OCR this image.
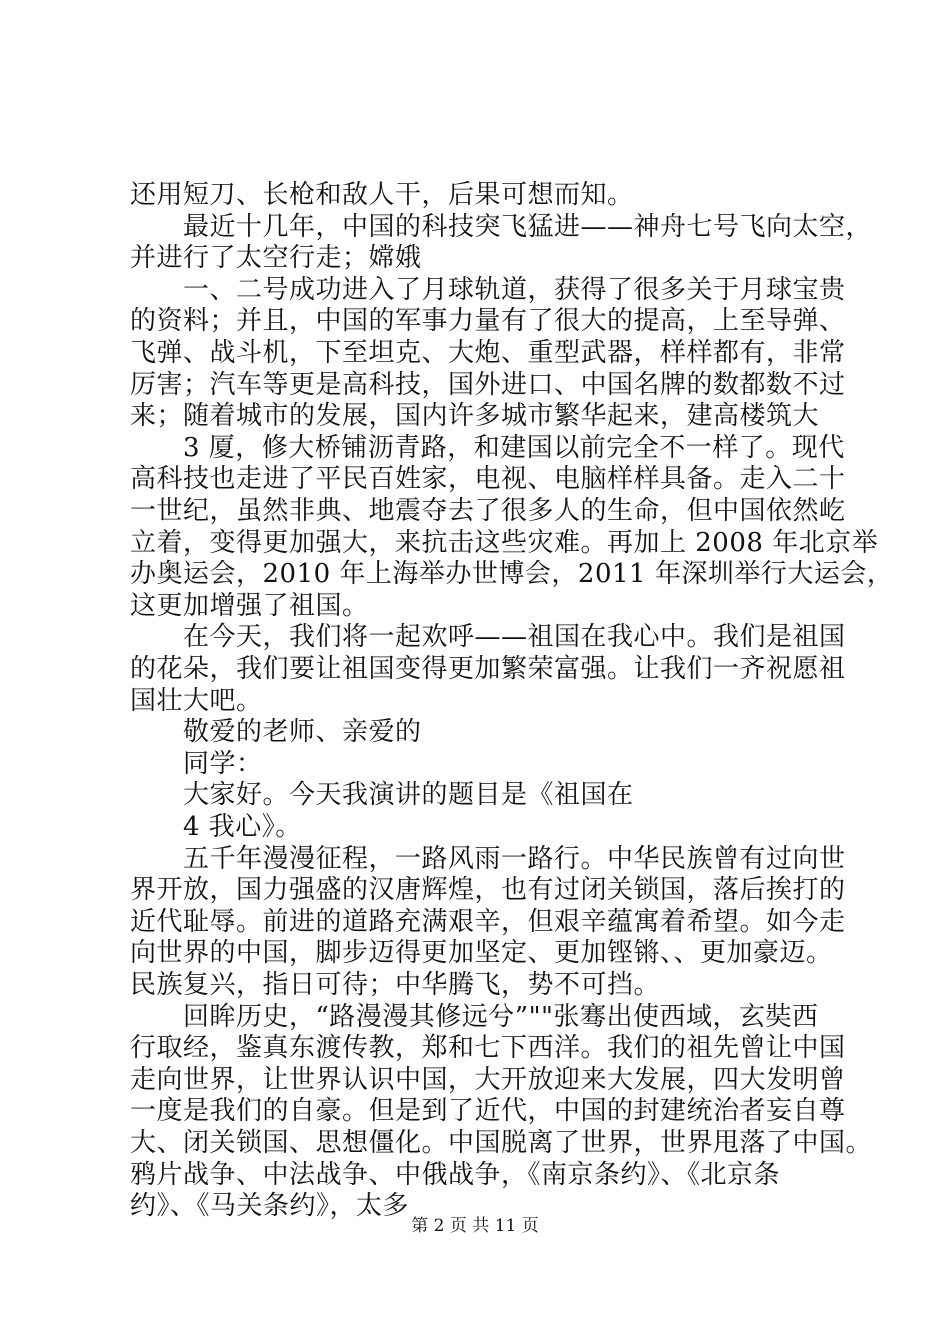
还用短刀、长枪和敌人干，后果可想而知。
　　最近十几年，中国的科技突飞猛进——神舟七号飞向太空，
并进行了太空行走；嫦娥
　　一、二号成功进入了月球轨道，获得了很多关于月球宝贵
的资料；并且，中国的军事力量有了很大的提高，上至导弹、
飞弹、战斗机，下至坦克、大炮、重型武器，样样都有，非常
厉害；汽车等更是高科技，国外进口、中国名牌的数都数不过
来；随着城市的发展，国内许多城市繁华起来，建高楼筑大
　　3 厦，修大桥铺沥青路，和建国以前完全不一样了。现代
高科技也走进了平民百姓家，电视、电脑样样具备。走入二十
一世纪，虽然非典、地震夺去了很多人的生命，但中国依然屹
立着，变得更加强大，来抗击这些灾难。再加上 2008 年北京举
办奥运会，2010 年上海举办世博会，2011 年深圳举行大运会，
这更加增强了祖国。
　　在今天，我们将一起欢呼——祖国在我心中。我们是祖国
的花朵，我们要让祖国变得更加繁荣富强。让我们一齐祝愿祖
国壮大吧。
　　敬爱的老师、亲爱的
　　同学：
　　大家好。今天我演讲的题目是《祖国在
　　4 我心》。
　　五千年漫漫征程，一路风雨一路行。中华民族曾有过向世
界开放，国力强盛的汉唐辉煌，也有过闭关锁国，落后挨打的
近代耻辱。前进的道路充满艰辛，但艰辛蕴寓着希望。如今走
向世界的中国，脚步迈得更加坚定、更加铿锵、、更加豪迈。
民族复兴，指日可待；中华腾飞，势不可挡。
　　回眸历史，“路漫漫其修远兮”""张骞出使西域，玄奘西
行取经，鉴真东渡传教，郑和七下西洋。我们的祖先曾让中国
走向世界，让世界认识中国，大开放迎来大发展，四大发明曾
一度是我们的自豪。但是到了近代，中国的封建统治者妄自尊
大、闭关锁国、思想僵化。中国脱离了世界，世界甩落了中国。
鸦片战争、中法战争、中俄战争，《南京条约》、《北京条
约》、《马关条约》，太多
第 2 页 共 11 页
